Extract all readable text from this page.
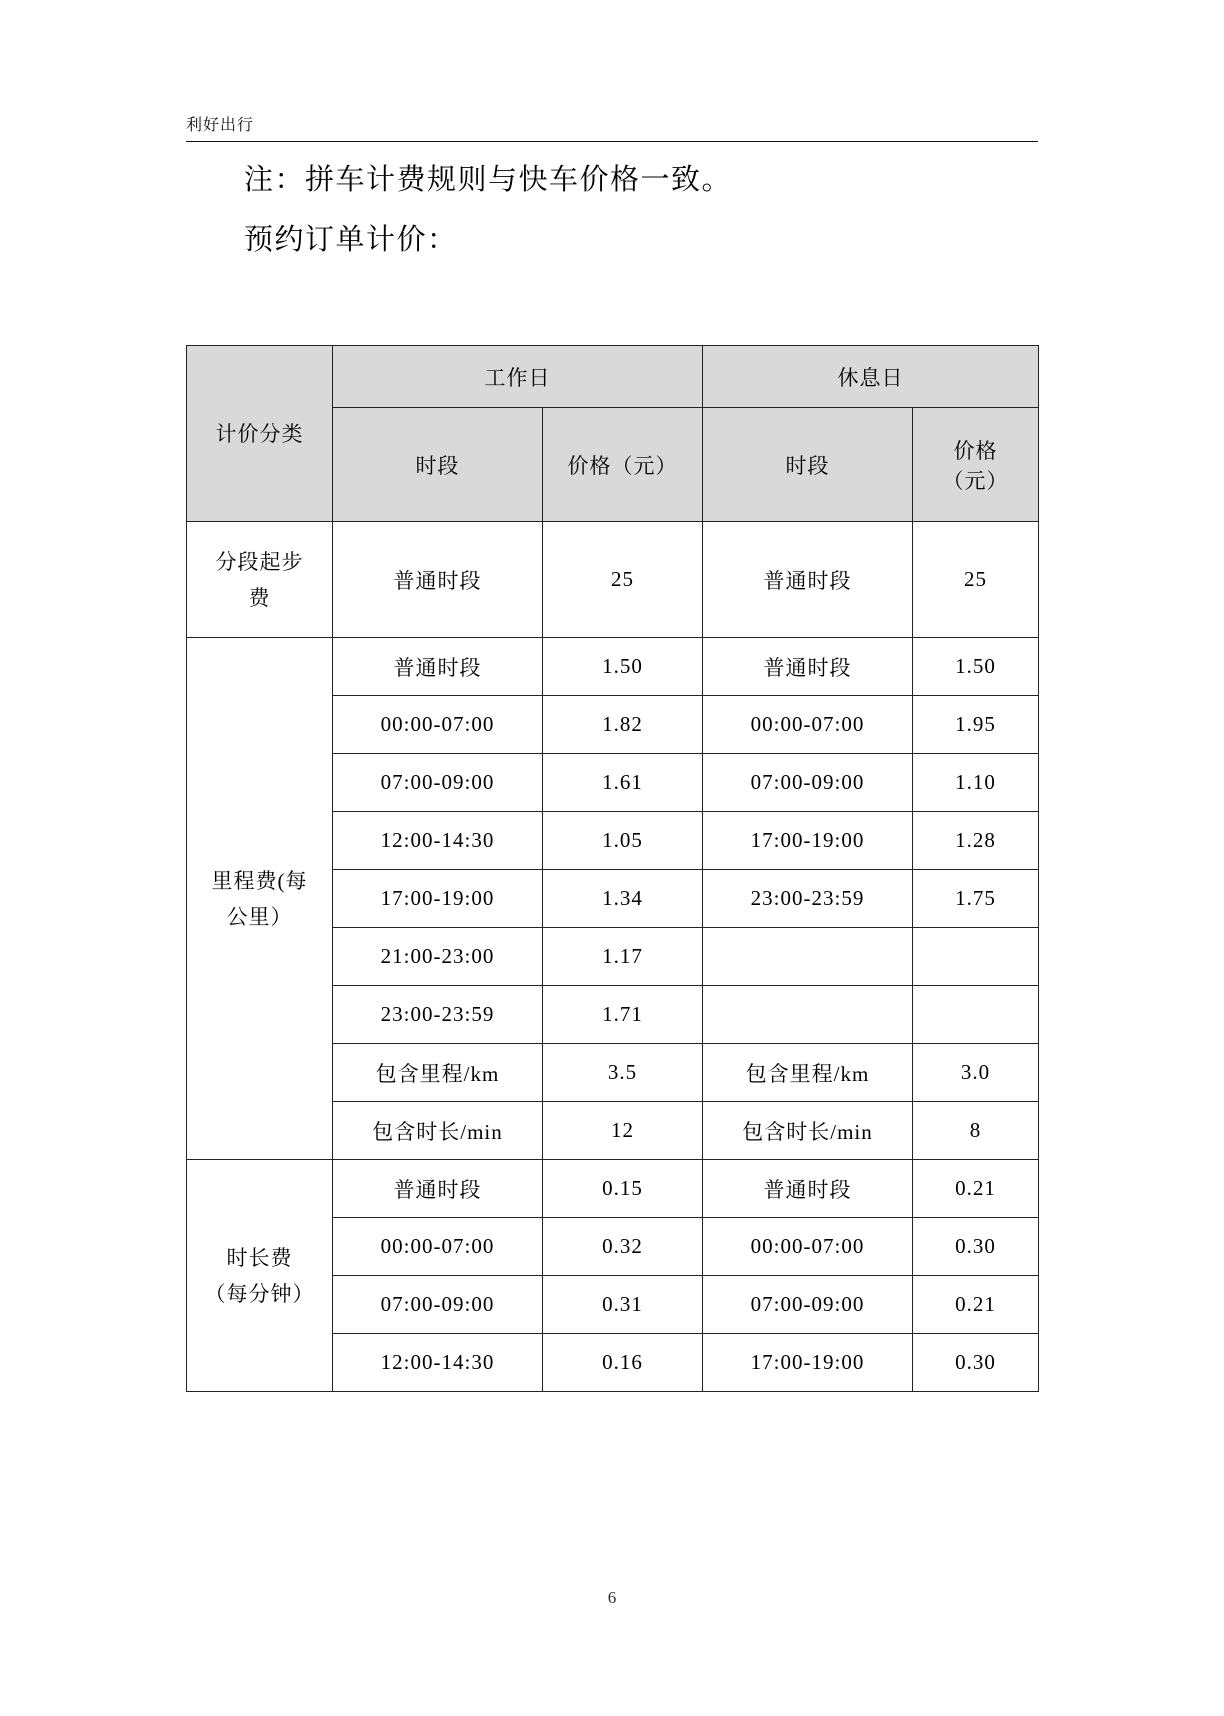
利好出行
注：拼车计费规则与快车价格一致。
预约订单计价：
计价分类	工作日		休息日	
	时段	价格（元）	时段	价格
（元）

分段起步
费	普通时段	25	普通时段	25

里程费(每
公里）	普通时段	1.50	普通时段	1.50
	00:00-07:00	1.82	00:00-07:00	1.95
	07:00-09:00	1.61	07:00-09:00	1.10
	12:00-14:30	1.05	17:00-19:00	1.28
	17:00-19:00	1.34	23:00-23:59	1.75
	21:00-23:00	1.17		
	23:00-23:59	1.71		
	包含里程/km	3.5	包含里程/km	3.0
	包含时长/min	12	包含时长/min	8

时长费
（每分钟）	普通时段	0.15	普通时段	0.21
	00:00-07:00	0.32	00:00-07:00	0.30
	07:00-09:00	0.31	07:00-09:00	0.21
	12:00-14:30	0.16	17:00-19:00	0.30
6
